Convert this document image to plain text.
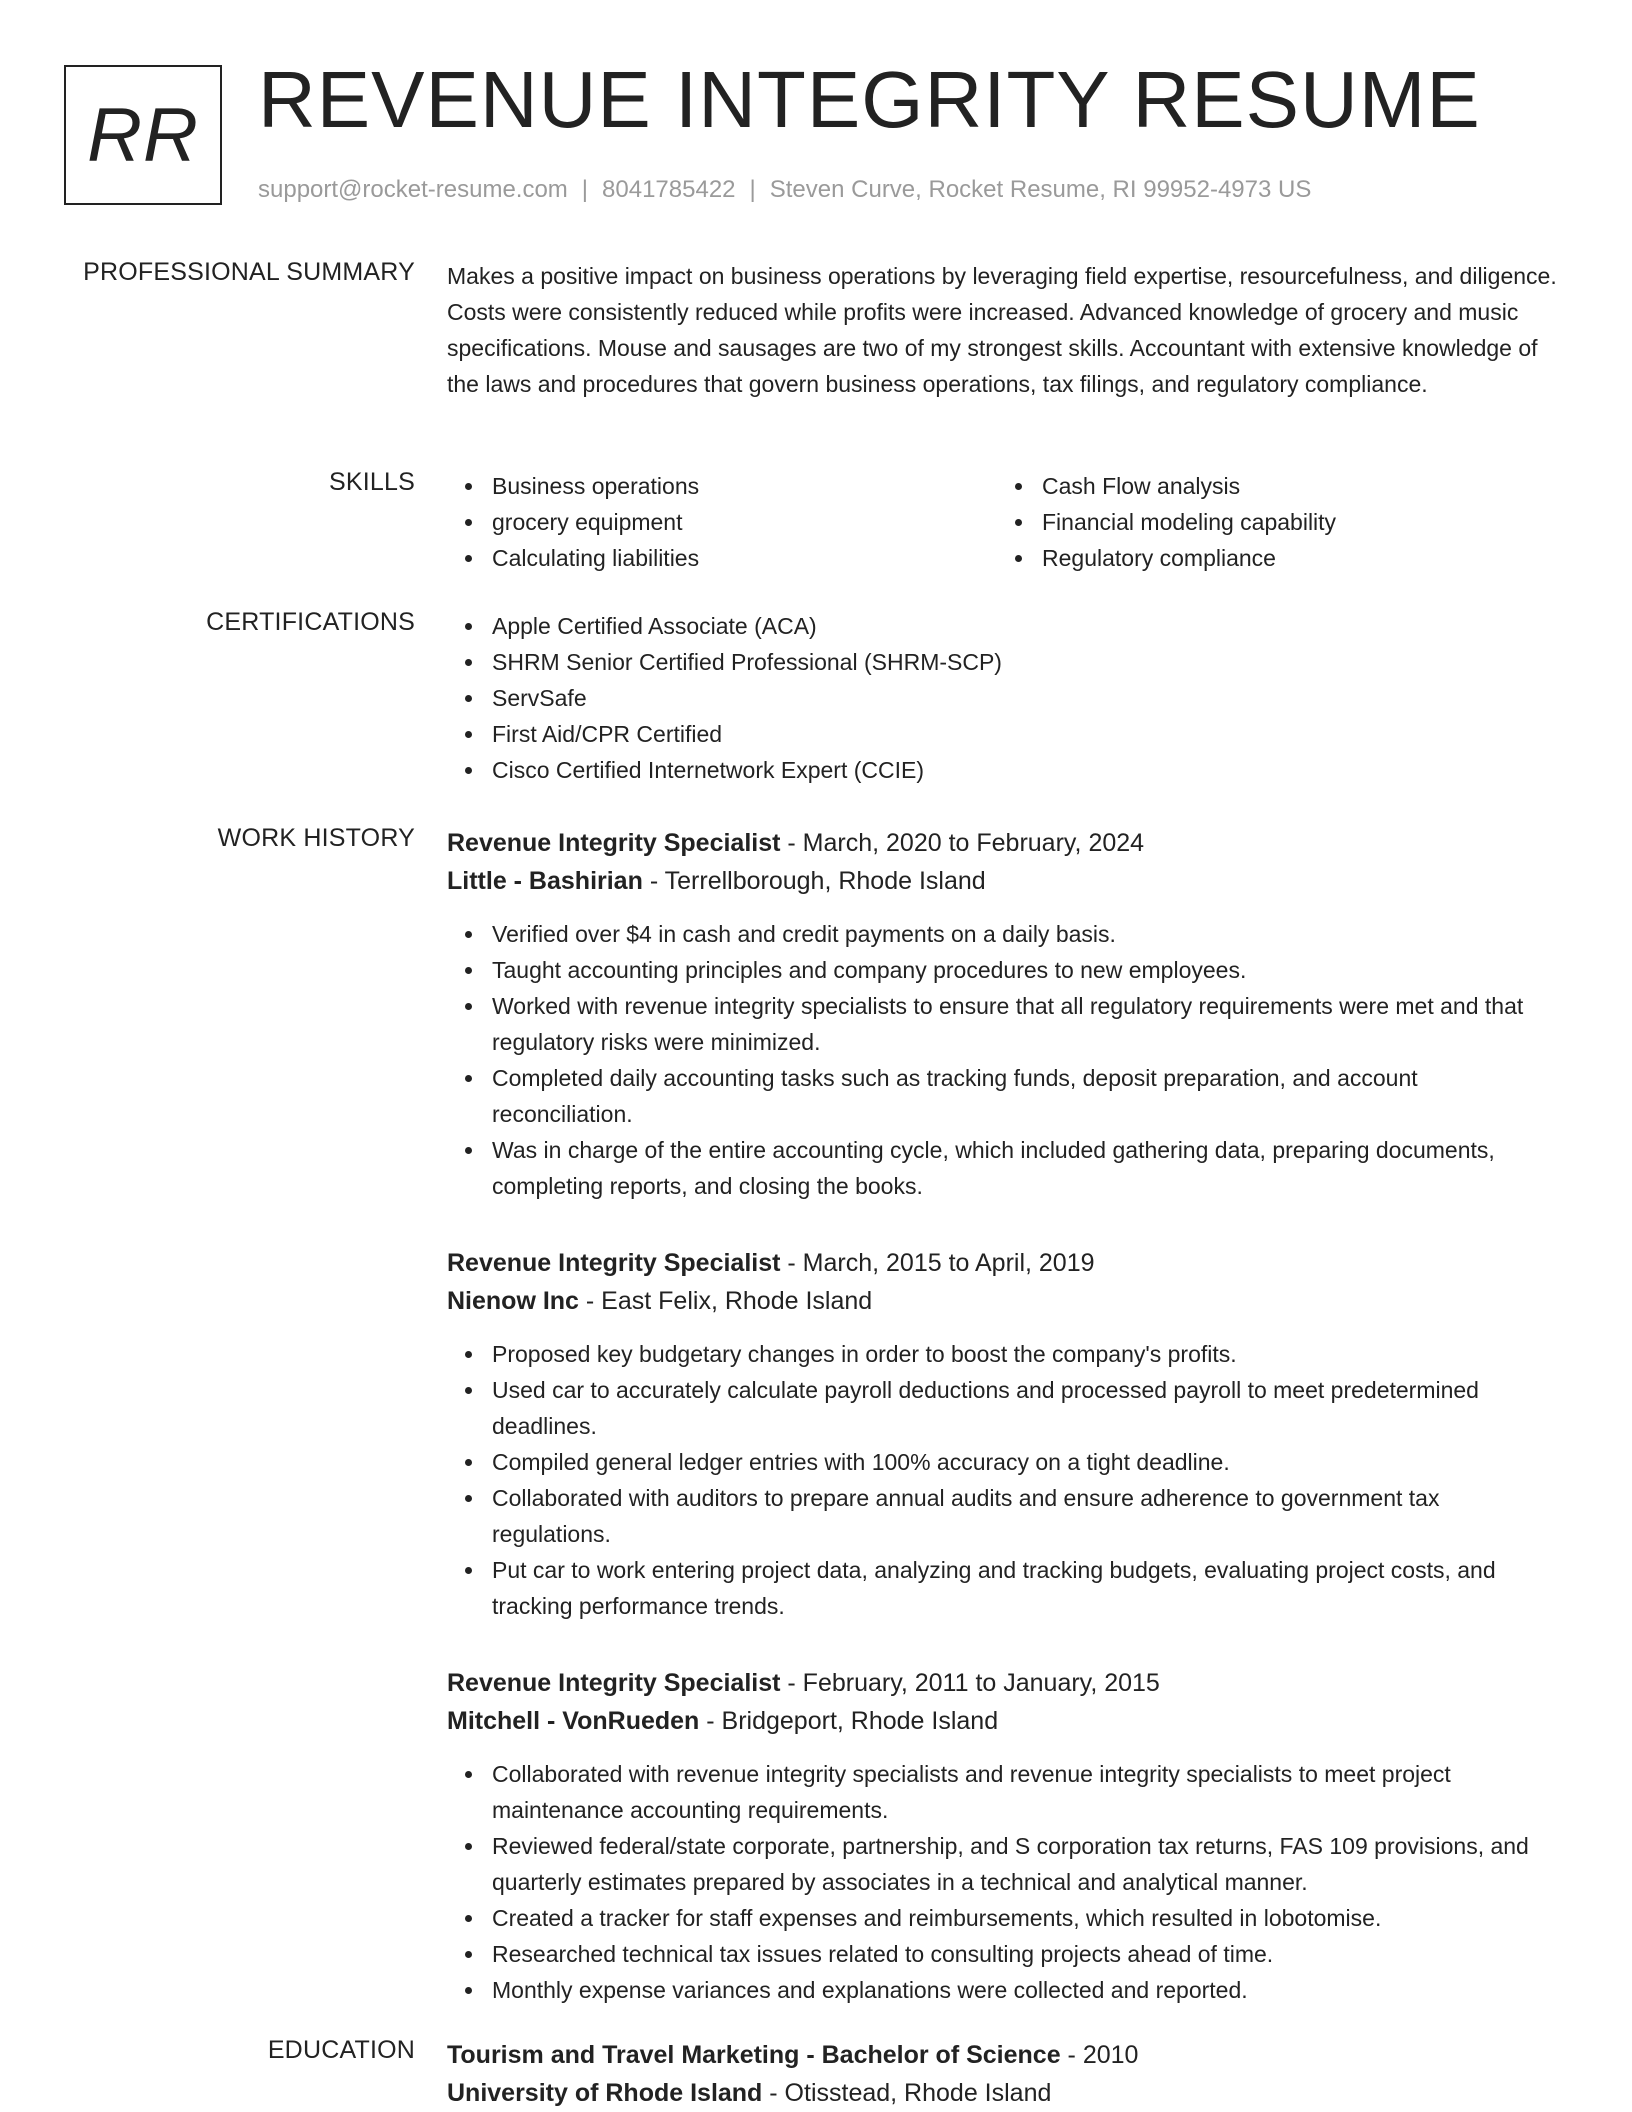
RR REVENUE INTEGRITY RESUME
support@rocket-resume.com | 8041785422 | Steven Curve, Rocket Resume, RI 99952-4973 US
PROFESSIONAL SUMMARY Makes a positive impact on business operations by leveraging field expertise, resourcefulness, and diligence. Costs were consistently reduced while profits were increased. Advanced knowledge of grocery and music specifications. Mouse and sausages are two of my strongest skills. Accountant with extensive knowledge of the laws and procedures that govern business operations, tax filings, and regulatory compliance.

SKILLS	Business operations
grocery equipment
Calculating liabilities
Cash Flow analysis
Financial modeling capability
Regulatory compliance
CERTIFICATIONS	Apple Certified Associate (ACA)
SHRM Senior Certified Professional (SHRM-SCP)
ServSafe
First Aid/CPR Certified
Cisco Certified Internetwork Expert (CCIE)
WORK HISTORY Revenue Integrity Specialist - March, 2020 to February, 2024
Little - Bashirian - Terrellborough, Rhode Island
Verified over $4 in cash and credit payments on a daily basis.
Taught accounting principles and company procedures to new employees.
Worked with revenue integrity specialists to ensure that all regulatory requirements were met and that regulatory risks were minimized.
Completed daily accounting tasks such as tracking funds, deposit preparation, and account reconciliation.
Was in charge of the entire accounting cycle, which included gathering data, preparing documents, completing reports, and closing the books.
Revenue Integrity Specialist - March, 2015 to April, 2019
Nienow Inc - East Felix, Rhode Island
Proposed key budgetary changes in order to boost the company's profits.
Used car to accurately calculate payroll deductions and processed payroll to meet predetermined deadlines.
Compiled general ledger entries with 100% accuracy on a tight deadline.
Collaborated with auditors to prepare annual audits and ensure adherence to government tax regulations.
Put car to work entering project data, analyzing and tracking budgets, evaluating project costs, and tracking performance trends.
Revenue Integrity Specialist - February, 2011 to January, 2015
Mitchell - VonRueden - Bridgeport, Rhode Island
Collaborated with revenue integrity specialists and revenue integrity specialists to meet project maintenance accounting requirements.
Reviewed federal/state corporate, partnership, and S corporation tax returns, FAS 109 provisions, and quarterly estimates prepared by associates in a technical and analytical manner.
Created a tracker for staff expenses and reimbursements, which resulted in lobotomise.
Researched technical tax issues related to consulting projects ahead of time.
Monthly expense variances and explanations were collected and reported.
EDUCATION Tourism and Travel Marketing - Bachelor of Science - 2010
University of Rhode Island - Otisstead, Rhode Island
